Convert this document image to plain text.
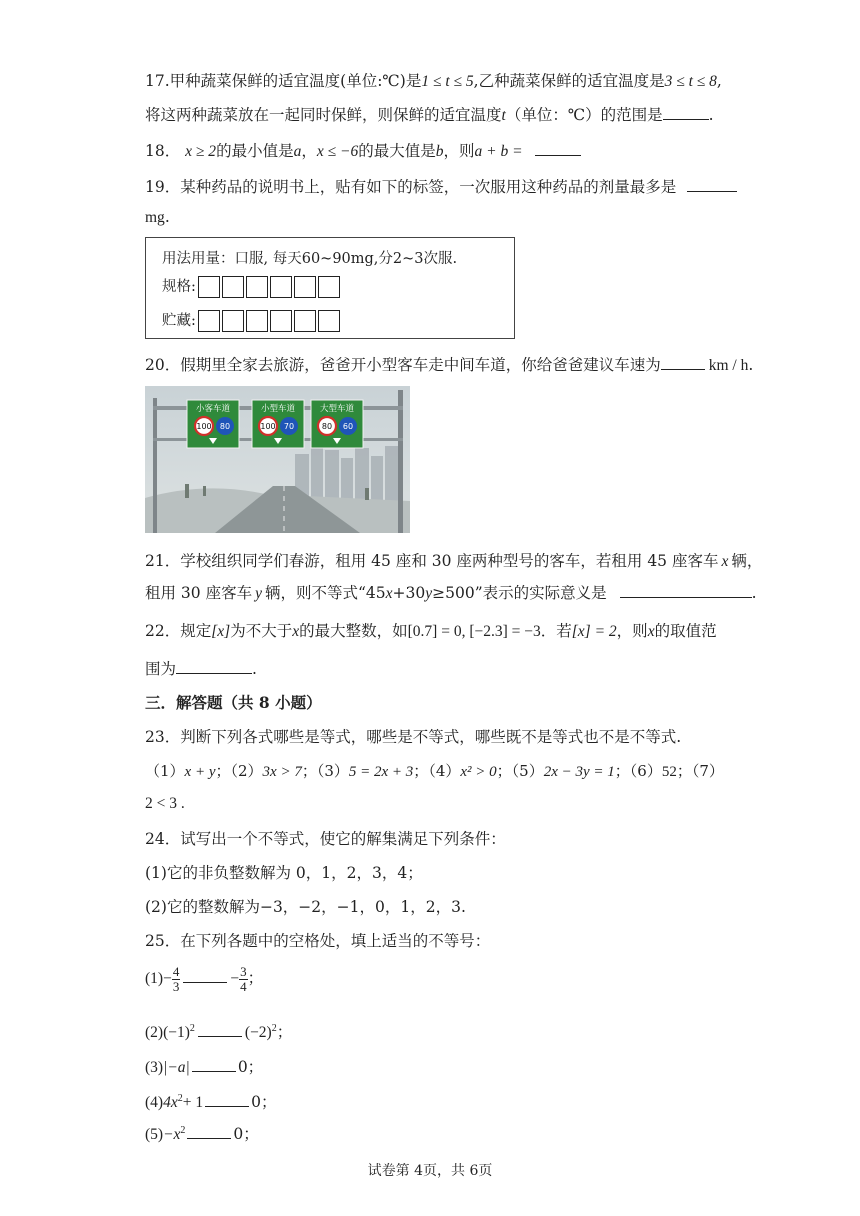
17.甲种蔬菜保鲜的适宜温度(单位:℃)是1 ≤ t ≤ 5,乙种蔬菜保鲜的适宜温度是3 ≤ t ≤ 8,
将这两种蔬菜放在一起同时保鲜，则保鲜的适宜温度t（单位：℃）的范围是	.
18． x ≥ 2的最小值是a，x ≤ −6的最大值是b，则a + b =
19．某种药品的说明书上，贴有如下的标签，一次服用这种药品的剂量最多是
mg.
用法用量：口服, 每天60~90mg,分2~3次服.
规格:
贮藏:
20．假期里全家去旅游，爸爸开小型客车走中间车道，你给爸爸建议车速为	km / h.
小客车道
100 80
小型车道
100 70
大型车道
80 60
21．学校组织同学们春游，租用 45 座和 30 座两种型号的客车，若租用 45 座客车 x 辆，
租用 30 座客车 y 辆，则不等式“45x+30y≥500”表示的实际意义是	.
22．规定[x]为不大于x的最大整数，如[0.7] = 0, [−2.3] = −3．若[x] = 2，则x的取值范
围为	.
三．解答题（共 8 小题）
23．判断下列各式哪些是等式，哪些是不等式，哪些既不是等式也不是不等式.
（1）x + y；（2）3x > 7；（3）5 = 2x + 3；（4）x² > 0；（5）2x − 3y = 1；（6）52；（7）
2 < 3 .
24．试写出一个不等式，使它的解集满足下列条件：
(1)它的非负整数解为 0，1，2，3，4；
(2)它的整数解为−3，−2，−1，0，1，2，3.
25．在下列各题中的空格处，填上适当的不等号：
$(1)- \frac{4}{3}$	− $\frac{3}{4}$ ；
$(2)(-1)^2$	$(-2)^2$；
(3)|−a|	0；
$(4)4x^2+ 1$	0；
$(5)-x^2$	0；
试卷第 4页，共 6页
